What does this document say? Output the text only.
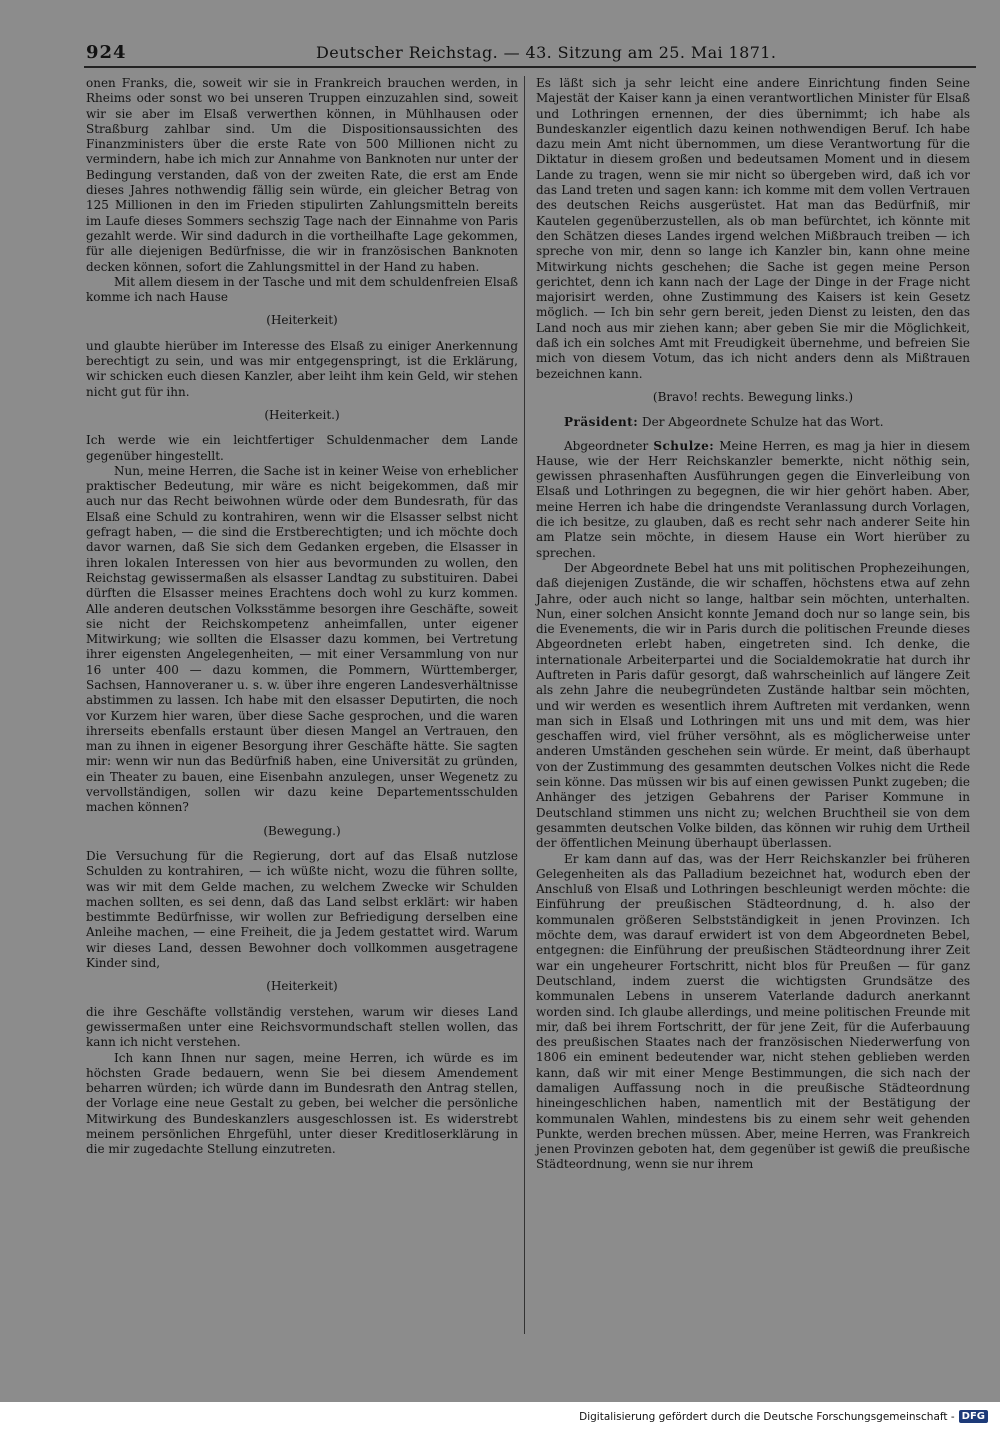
924	Deutscher Reichstag. — 43. Sitzung am 25. Mai 1871.

onen Franks, die, soweit wir sie in Frankreich brauchen werden, in Rheims oder sonst wo bei unseren Truppen einzuzahlen sind, soweit wir sie aber im Elsaß verwerthen können, in Mühlhausen oder Straßburg zahlbar sind. Um die Dispositionsaussichten des Finanzministers über die erste Rate von 500 Millionen nicht zu vermindern, habe ich mich zur Annahme von Banknoten nur unter der Bedingung verstanden, daß von der zweiten Rate, die erst am Ende dieses Jahres nothwendig fällig sein würde, ein gleicher Betrag von 125 Millionen in den im Frieden stipulirten Zahlungsmitteln bereits im Laufe dieses Sommers sechszig Tage nach der Einnahme von Paris gezahlt werde. Wir sind dadurch in die vortheilhafte Lage gekommen, für alle diejenigen Bedürfnisse, die wir in französischen Banknoten decken können, sofort die Zahlungsmittel in der Hand zu haben.

Mit allem diesem in der Tasche und mit dem schuldenfreien Elsaß komme ich nach Hause

(Heiterkeit)

und glaubte hierüber im Interesse des Elsaß zu einiger Anerkennung berechtigt zu sein, und was mir entgegenspringt, ist die Erklärung, wir schicken euch diesen Kanzler, aber leiht ihm kein Geld, wir stehen nicht gut für ihn.

(Heiterkeit.)

Ich werde wie ein leichtfertiger Schuldenmacher dem Lande gegenüber hingestellt.

Nun, meine Herren, die Sache ist in keiner Weise von erheblicher praktischer Bedeutung, mir wäre es nicht beigekommen, daß mir auch nur das Recht beiwohnen würde oder dem Bundesrath, für das Elsaß eine Schuld zu kontrahiren, wenn wir die Elsasser selbst nicht gefragt haben, — die sind die Erstberechtigten; und ich möchte doch davor warnen, daß Sie sich dem Gedanken ergeben, die Elsasser in ihren lokalen Interessen von hier aus bevormunden zu wollen, den Reichstag gewissermaßen als elsasser Landtag zu substituiren. Dabei dürften die Elsasser meines Erachtens doch wohl zu kurz kommen. Alle anderen deutschen Volksstämme besorgen ihre Geschäfte, soweit sie nicht der Reichskompetenz anheimfallen, unter eigener Mitwirkung; wie sollten die Elsasser dazu kommen, bei Vertretung ihrer eigensten Angelegenheiten, — mit einer Versammlung von nur 16 unter 400 — dazu kommen, die Pommern, Württemberger, Sachsen, Hannoveraner u. s. w. über ihre engeren Landesverhältnisse abstimmen zu lassen. Ich habe mit den elsasser Deputirten, die noch vor Kurzem hier waren, über diese Sache gesprochen, und die waren ihrerseits ebenfalls erstaunt über diesen Mangel an Vertrauen, den man zu ihnen in eigener Besorgung ihrer Geschäfte hätte. Sie sagten mir: wenn wir nun das Bedürfniß haben, eine Universität zu gründen, ein Theater zu bauen, eine Eisenbahn anzulegen, unser Wegenetz zu vervollständigen, sollen wir dazu keine Departementsschulden machen können?

(Bewegung.)

Die Versuchung für die Regierung, dort auf das Elsaß nutzlose Schulden zu kontrahiren, — ich wüßte nicht, wozu die führen sollte, was wir mit dem Gelde machen, zu welchem Zwecke wir Schulden machen sollten, es sei denn, daß das Land selbst erklärt: wir haben bestimmte Bedürfnisse, wir wollen zur Befriedigung derselben eine Anleihe machen, — eine Freiheit, die ja Jedem gestattet wird. Warum wir dieses Land, dessen Bewohner doch vollkommen ausgetragene Kinder sind,

(Heiterkeit)

die ihre Geschäfte vollständig verstehen, warum wir dieses Land gewissermaßen unter eine Reichsvormundschaft stellen wollen, das kann ich nicht verstehen.

Ich kann Ihnen nur sagen, meine Herren, ich würde es im höchsten Grade bedauern, wenn Sie bei diesem Amendement beharren würden; ich würde dann im Bundesrath den Antrag stellen, der Vorlage eine neue Gestalt zu geben, bei welcher die persönliche Mitwirkung des Bundeskanzlers ausgeschlossen ist. Es widerstrebt meinem persönlichen Ehrgefühl, unter dieser Kreditloserklärung in die mir zugedachte Stellung einzutreten.

Es läßt sich ja sehr leicht eine andere Einrichtung finden Seine Majestät der Kaiser kann ja einen verantwortlichen Minister für Elsaß und Lothringen ernennen, der dies übernimmt; ich habe als Bundeskanzler eigentlich dazu keinen nothwendigen Beruf. Ich habe dazu mein Amt nicht übernommen, um diese Verantwortung für die Diktatur in diesem großen und bedeutsamen Moment und in diesem Lande zu tragen, wenn sie mir nicht so übergeben wird, daß ich vor das Land treten und sagen kann: ich komme mit dem vollen Vertrauen des deutschen Reichs ausgerüstet. Hat man das Bedürfniß, mir Kautelen gegenüberzustellen, als ob man befürchtet, ich könnte mit den Schätzen dieses Landes irgend welchen Mißbrauch treiben — ich spreche von mir, denn so lange ich Kanzler bin, kann ohne meine Mitwirkung nichts geschehen; die Sache ist gegen meine Person gerichtet, denn ich kann nach der Lage der Dinge in der Frage nicht majorisirt werden, ohne Zustimmung des Kaisers ist kein Gesetz möglich. — Ich bin sehr gern bereit, jeden Dienst zu leisten, den das Land noch aus mir ziehen kann; aber geben Sie mir die Möglichkeit, daß ich ein solches Amt mit Freudigkeit übernehme, und befreien Sie mich von diesem Votum, das ich nicht anders denn als Mißtrauen bezeichnen kann.

(Bravo! rechts. Bewegung links.)

Präsident: Der Abgeordnete Schulze hat das Wort.

Abgeordneter Schulze: Meine Herren, es mag ja hier in diesem Hause, wie der Herr Reichskanzler bemerkte, nicht nöthig sein, gewissen phrasenhaften Ausführungen gegen die Einverleibung von Elsaß und Lothringen zu begegnen, die wir hier gehört haben. Aber, meine Herren ich habe die dringendste Veranlassung durch Vorlagen, die ich besitze, zu glauben, daß es recht sehr nach anderer Seite hin am Platze sein möchte, in diesem Hause ein Wort hierüber zu sprechen.

Der Abgeordnete Bebel hat uns mit politischen Prophezeihungen, daß diejenigen Zustände, die wir schaffen, höchstens etwa auf zehn Jahre, oder auch nicht so lange, haltbar sein möchten, unterhalten. Nun, einer solchen Ansicht konnte Jemand doch nur so lange sein, bis die Evenements, die wir in Paris durch die politischen Freunde dieses Abgeordneten erlebt haben, eingetreten sind. Ich denke, die internationale Arbeiterpartei und die Socialdemokratie hat durch ihr Auftreten in Paris dafür gesorgt, daß wahrscheinlich auf längere Zeit als zehn Jahre die neubegründeten Zustände haltbar sein möchten, und wir werden es wesentlich ihrem Auftreten mit verdanken, wenn man sich in Elsaß und Lothringen mit uns und mit dem, was hier geschaffen wird, viel früher versöhnt, als es möglicherweise unter anderen Umständen geschehen sein würde. Er meint, daß überhaupt von der Zustimmung des gesammten deutschen Volkes nicht die Rede sein könne. Das müssen wir bis auf einen gewissen Punkt zugeben; die Anhänger des jetzigen Gebahrens der Pariser Kommune in Deutschland stimmen uns nicht zu; welchen Bruchtheil sie von dem gesammten deutschen Volke bilden, das können wir ruhig dem Urtheil der öffentlichen Meinung überhaupt überlassen.

Er kam dann auf das, was der Herr Reichskanzler bei früheren Gelegenheiten als das Palladium bezeichnet hat, wodurch eben der Anschluß von Elsaß und Lothringen beschleunigt werden möchte: die Einführung der preußischen Städteordnung, d. h. also der kommunalen größeren Selbstständigkeit in jenen Provinzen. Ich möchte dem, was darauf erwidert ist von dem Abgeordneten Bebel, entgegnen: die Einführung der preußischen Städteordnung ihrer Zeit war ein ungeheurer Fortschritt, nicht blos für Preußen — für ganz Deutschland, indem zuerst die wichtigsten Grundsätze des kommunalen Lebens in unserem Vaterlande dadurch anerkannt worden sind. Ich glaube allerdings, und meine politischen Freunde mit mir, daß bei ihrem Fortschritt, der für jene Zeit, für die Auferbauung des preußischen Staates nach der französischen Niederwerfung von 1806 ein eminent bedeutender war, nicht stehen geblieben werden kann, daß wir mit einer Menge Bestimmungen, die sich nach der damaligen Auffassung noch in die preußische Städteordnung hineingeschlichen haben, namentlich mit der Bestätigung der kommunalen Wahlen, mindestens bis zu einem sehr weit gehenden Punkte, werden brechen müssen. Aber, meine Herren, was Frankreich jenen Provinzen geboten hat, dem gegenüber ist gewiß die preußische Städteordnung, wenn sie nur ihrem

Digitalisierung gefördert durch die Deutsche Forschungsgemeinschaft - DFG
